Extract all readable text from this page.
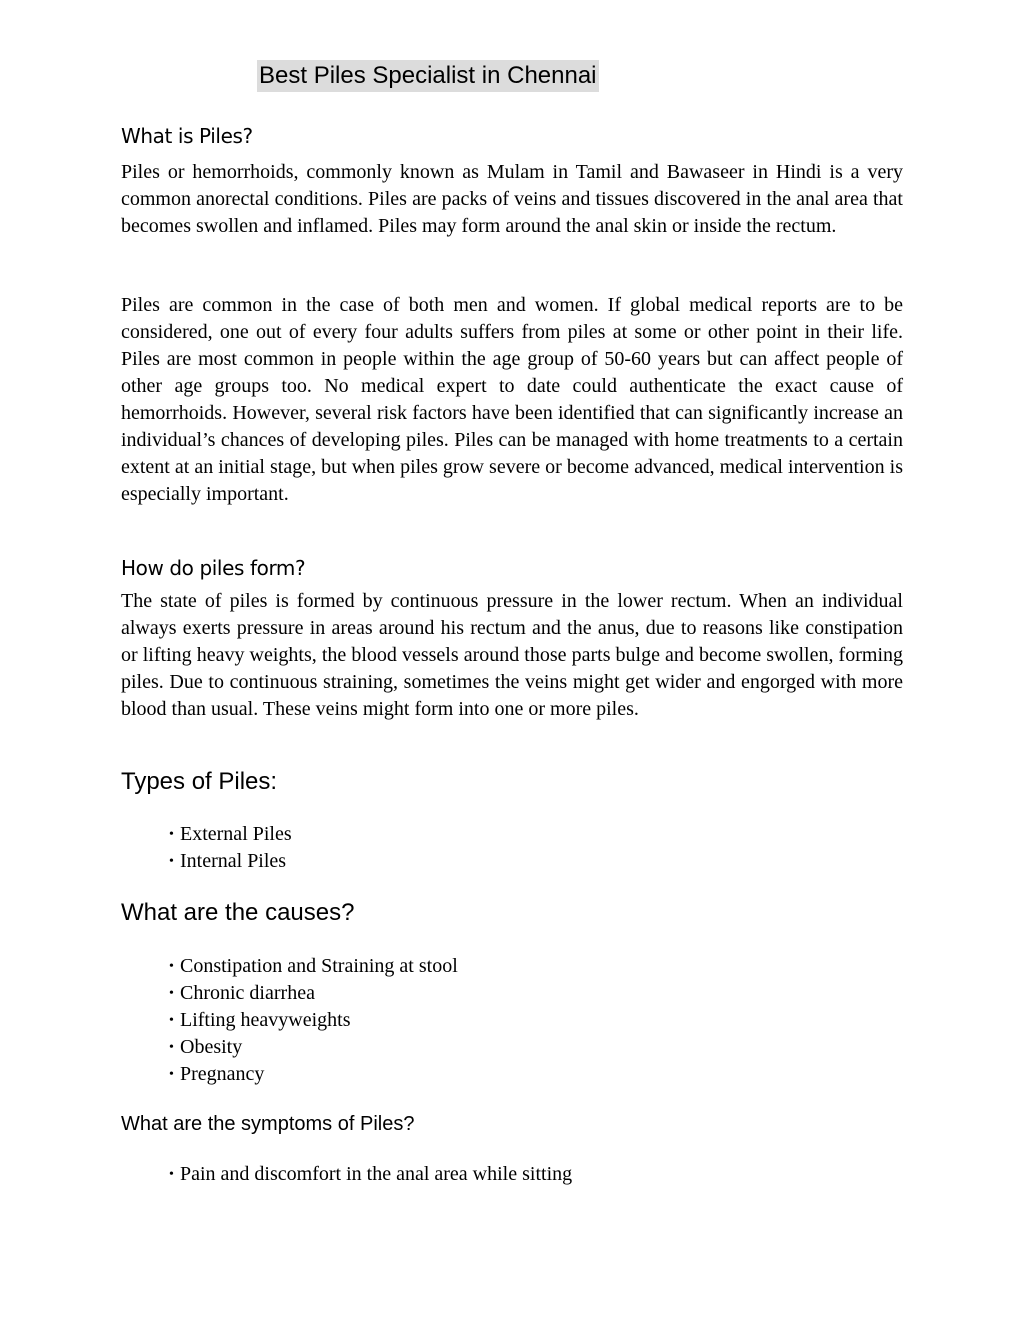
Best Piles Specialist in Chennai
What is Piles?

Piles or hemorrhoids, commonly known as Mulam in Tamil and Bawaseer in Hindi is a very common anorectal conditions. Piles are packs of veins and tissues discovered in the anal area that becomes swollen and inflamed. Piles may form around the anal skin or inside the rectum.

Piles are common in the case of both men and women. If global medical reports are to be considered, one out of every four adults suffers from piles at some or other point in their life. Piles are most common in people within the age group of 50-60 years but can affect people of other age groups too. No medical expert to date could authenticate the exact cause of hemorrhoids. However, several risk factors have been identified that can significantly increase an individual’s chances of developing piles. Piles can be managed with home treatments to a certain extent at an initial stage, but when piles grow severe or become advanced, medical intervention is especially important.

How do piles form?

The state of piles is formed by continuous pressure in the lower rectum. When an individual always exerts pressure in areas around his rectum and the anus, due to reasons like constipation or lifting heavy weights, the blood vessels around those parts bulge and become swollen, forming piles. Due to continuous straining, sometimes the veins might get wider and engorged with more blood than usual. These veins might form into one or more piles.

Types of Piles:
• External Piles
• Internal Piles
What are the causes?
• Constipation and Straining at stool
• Chronic diarrhea
• Lifting heavyweights
• Obesity
• Pregnancy
What are the symptoms of Piles?
• Pain and discomfort in the anal area while sitting
